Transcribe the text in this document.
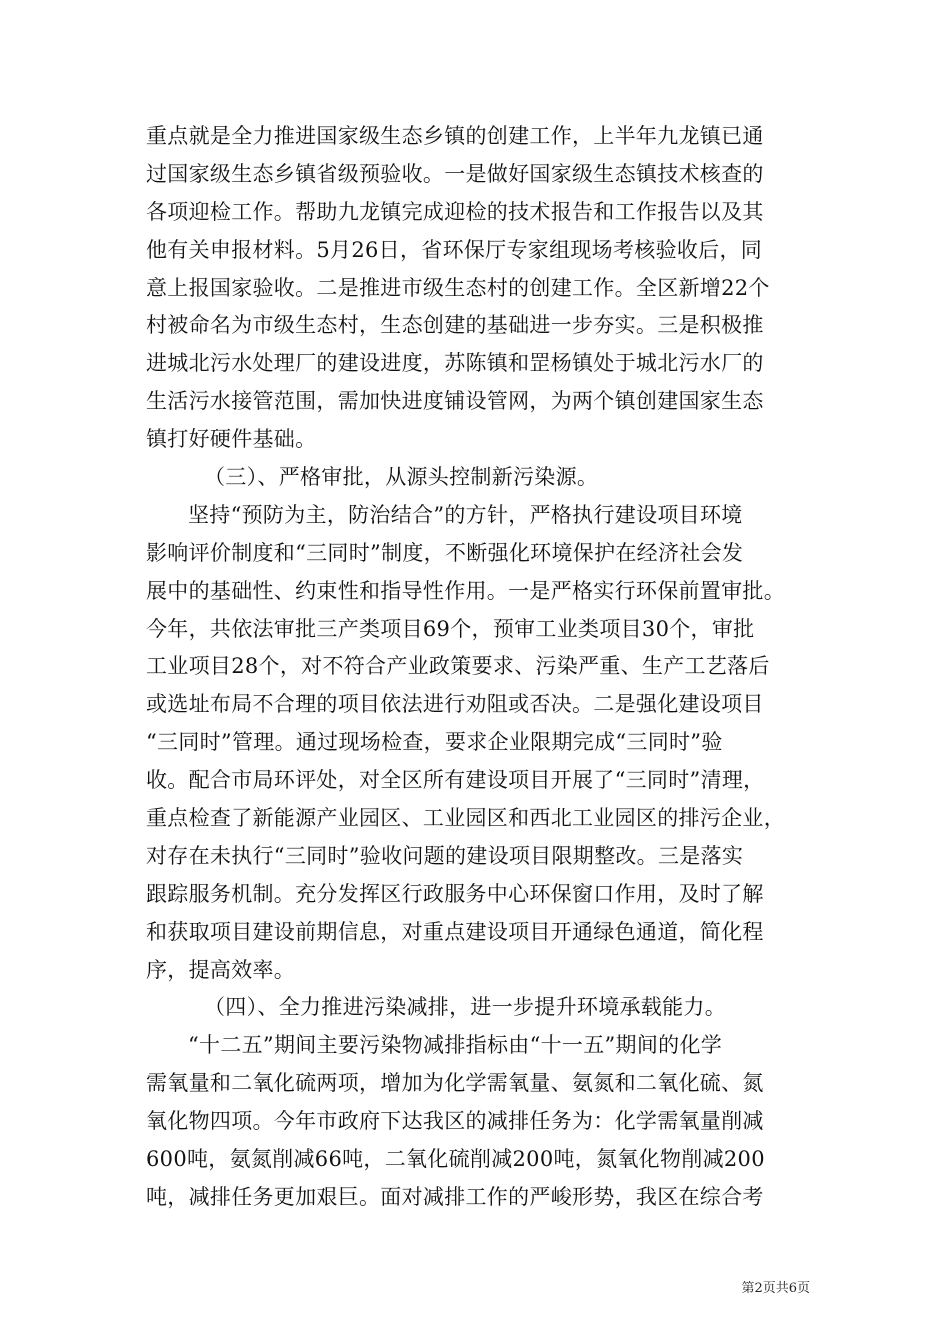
重点就是全力推进国家级生态乡镇的创建工作，上半年九龙镇已通
过国家级生态乡镇省级预验收。一是做好国家级生态镇技术核查的
各项迎检工作。帮助九龙镇完成迎检的技术报告和工作报告以及其
他有关申报材料。5月26日，省环保厅专家组现场考核验收后，同
意上报国家验收。二是推进市级生态村的创建工作。全区新增22个
村被命名为市级生态村，生态创建的基础进一步夯实。三是积极推
进城北污水处理厂的建设进度，苏陈镇和罡杨镇处于城北污水厂的
生活污水接管范围，需加快进度铺设管网，为两个镇创建国家生态
镇打好硬件基础。
（三）、严格审批，从源头控制新污染源。
坚持“预防为主，防治结合”的方针，严格执行建设项目环境
影响评价制度和“三同时”制度，不断强化环境保护在经济社会发
展中的基础性、约束性和指导性作用。一是严格实行环保前置审批。
今年，共依法审批三产类项目69个，预审工业类项目30个，审批
工业项目28个，对不符合产业政策要求、污染严重、生产工艺落后
或选址布局不合理的项目依法进行劝阻或否决。二是强化建设项目
“三同时”管理。通过现场检查，要求企业限期完成“三同时”验
收。配合市局环评处，对全区所有建设项目开展了“三同时”清理，
重点检查了新能源产业园区、工业园区和西北工业园区的排污企业，
对存在未执行“三同时”验收问题的建设项目限期整改。三是落实
跟踪服务机制。充分发挥区行政服务中心环保窗口作用，及时了解
和获取项目建设前期信息，对重点建设项目开通绿色通道，简化程
序，提高效率。
（四）、全力推进污染减排，进一步提升环境承载能力。
“十二五”期间主要污染物减排指标由“十一五”期间的化学
需氧量和二氧化硫两项，增加为化学需氧量、氨氮和二氧化硫、氮
氧化物四项。今年市政府下达我区的减排任务为：化学需氧量削减
600吨，氨氮削减66吨，二氧化硫削减200吨，氮氧化物削减200
吨，减排任务更加艰巨。面对减排工作的严峻形势，我区在综合考
第2页共6页
